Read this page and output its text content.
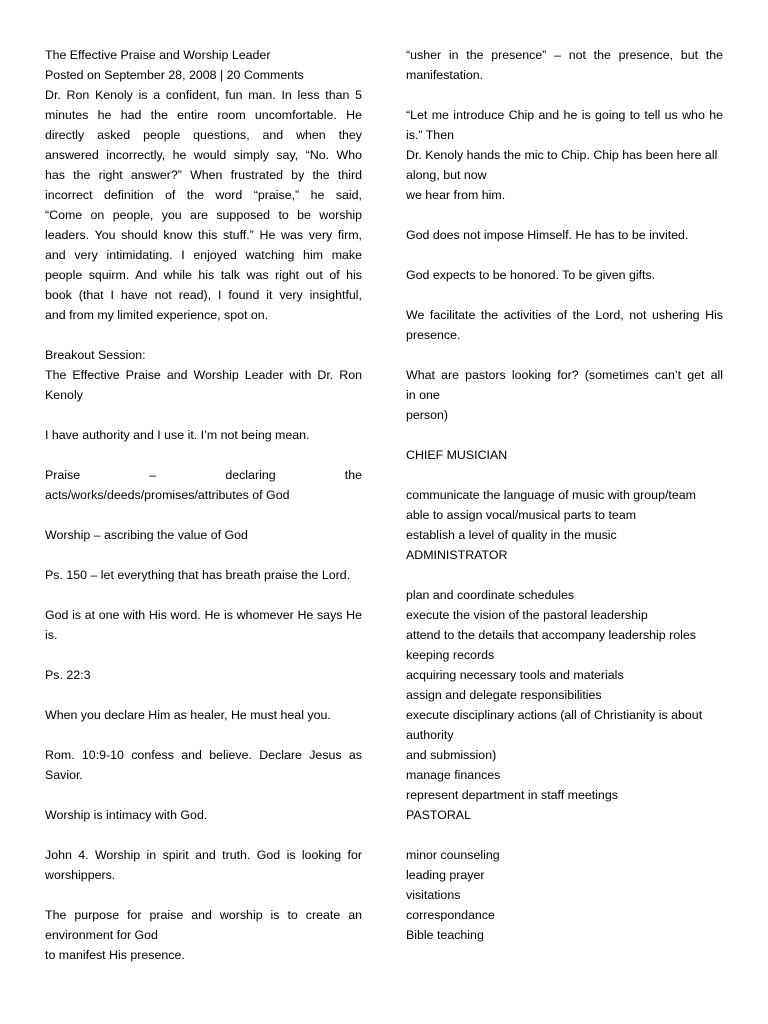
The Effective Praise and Worship Leader
Posted on September 28, 2008 | 20 Comments
Dr. Ron Kenoly is a confident, fun man. In less than 5
minutes he had the entire room uncomfortable. He
directly asked people questions, and when they
answered incorrectly, he would simply say, “No. Who
has the right answer?” When frustrated by the third
incorrect definition of the word “praise,” he said,
“Come on people, you are supposed to be worship
leaders. You should know this stuff.” He was very firm,
and very intimidating. I enjoyed watching him make
people squirm. And while his talk was right out of his
book (that I have not read), I found it very insightful,
and from my limited experience, spot on.
Breakout Session:
The Effective Praise and Worship Leader with Dr. Ron
Kenoly
I have authority and I use it. I’m not being mean.
Praise – declaring the
acts/works/deeds/promises/attributes of God
Worship – ascribing the value of God
Ps. 150 – let everything that has breath praise the Lord.
God is at one with His word. He is whomever He says He
is.
Ps. 22:3
When you declare Him as healer, He must heal you.
Rom. 10:9-10 confess and believe. Declare Jesus as
Savior.
Worship is intimacy with God.
John 4. Worship in spirit and truth. God is looking for
worshippers.
The purpose for praise and worship is to create an
environment for God
to manifest His presence.
“usher in the presence” – not the presence, but the
manifestation.
“Let me introduce Chip and he is going to tell us who he
is.” Then
Dr. Kenoly hands the mic to Chip. Chip has been here all
along, but now
we hear from him.
God does not impose Himself. He has to be invited.
God expects to be honored. To be given gifts.
We facilitate the activities of the Lord, not ushering His
presence.
What are pastors looking for? (sometimes can’t get all
in one
person)
CHIEF MUSICIAN
communicate the language of music with group/team
able to assign vocal/musical parts to team
establish a level of quality in the music
ADMINISTRATOR
plan and coordinate schedules
execute the vision of the pastoral leadership
attend to the details that accompany leadership roles
keeping records
acquiring necessary tools and materials
assign and delegate responsibilities
execute disciplinary actions (all of Christianity is about
authority
and submission)
manage finances
represent department in staff meetings
PASTORAL
minor counseling
leading prayer
visitations
correspondance
Bible teaching
